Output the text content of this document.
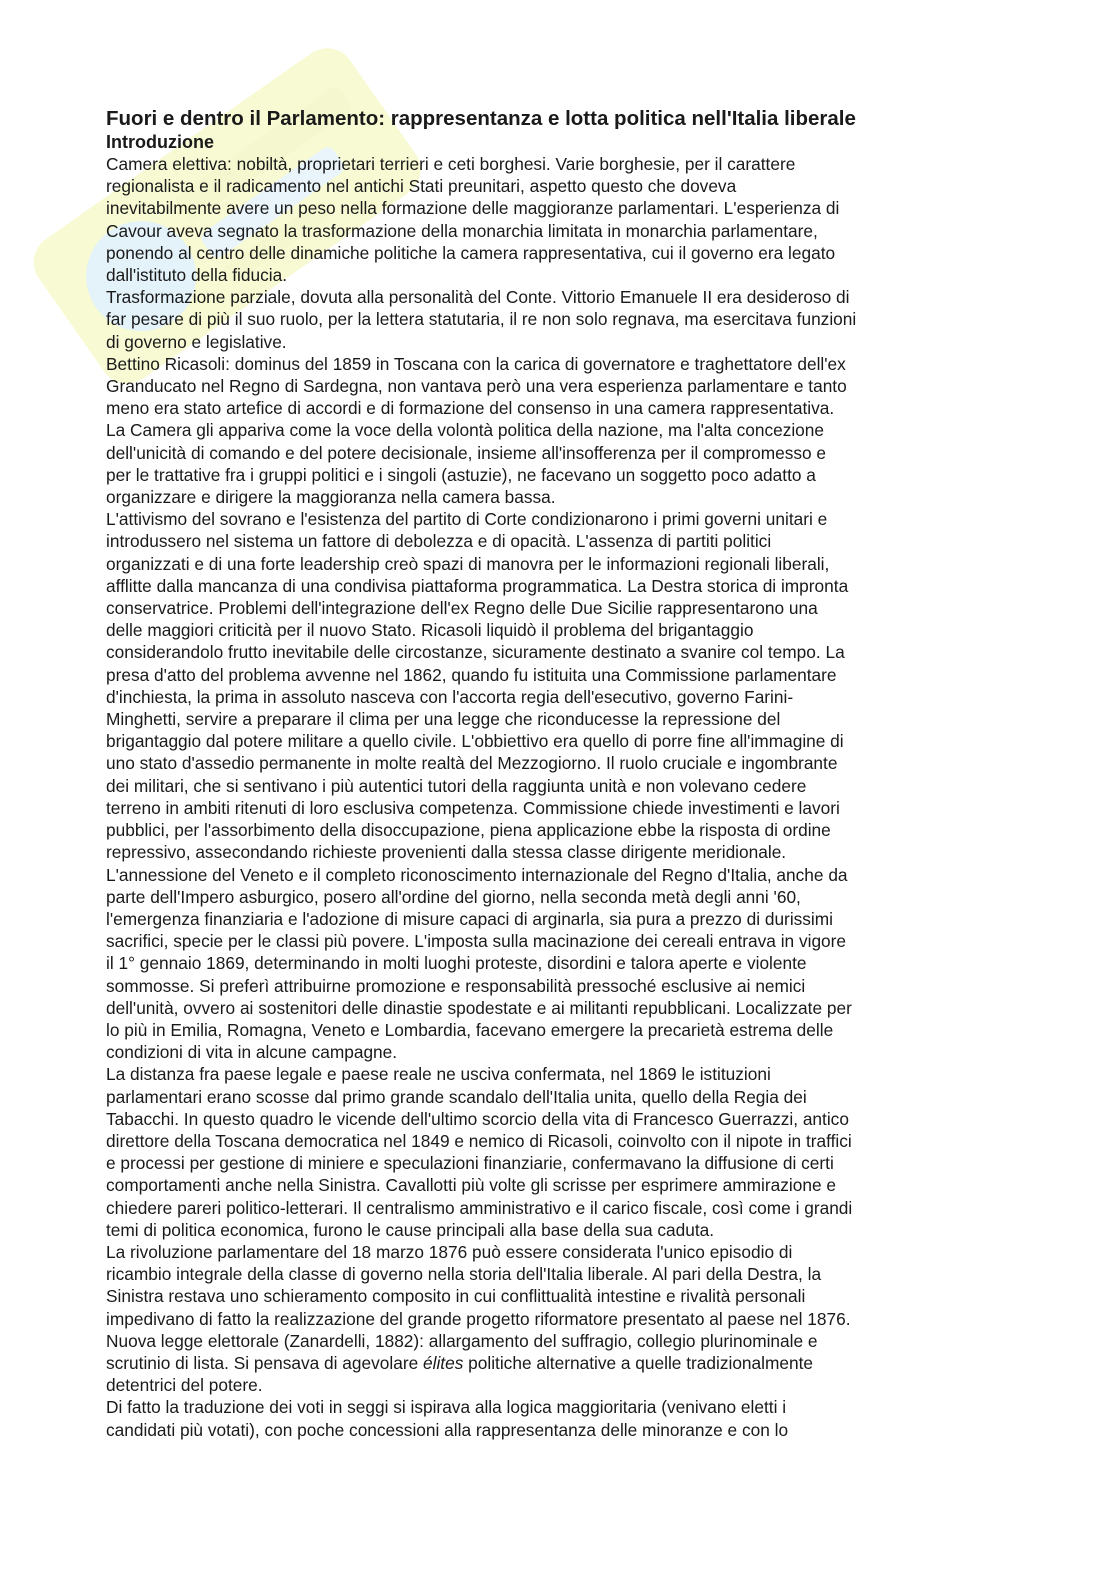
Fuori e dentro il Parlamento: rappresentanza e lotta politica nell'Italia liberale
Introduzione

Camera elettiva: nobiltà, proprietari terrieri e ceti borghesi. Varie borghesie, per il carattere
regionalista e il radicamento nel antichi Stati preunitari, aspetto questo che doveva
inevitabilmente avere un peso nella formazione delle maggioranze parlamentari. L'esperienza di
Cavour aveva segnato la trasformazione della monarchia limitata in monarchia parlamentare,
ponendo al centro delle dinamiche politiche la camera rappresentativa, cui il governo era legato
dall'istituto della fiducia.

Trasformazione parziale, dovuta alla personalità del Conte. Vittorio Emanuele II era desideroso di
far pesare di più il suo ruolo, per la lettera statutaria, il re non solo regnava, ma esercitava funzioni
di governo e legislative.

Bettino Ricasoli: dominus del 1859 in Toscana con la carica di governatore e traghettatore dell'ex
Granducato nel Regno di Sardegna, non vantava però una vera esperienza parlamentare e tanto
meno era stato artefice di accordi e di formazione del consenso in una camera rappresentativa.
La Camera gli appariva come la voce della volontà politica della nazione, ma l'alta concezione
dell'unicità di comando e del potere decisionale, insieme all'insofferenza per il compromesso e
per le trattative fra i gruppi politici e i singoli (astuzie), ne facevano un soggetto poco adatto a
organizzare e dirigere la maggioranza nella camera bassa.

L'attivismo del sovrano e l'esistenza del partito di Corte condizionarono i primi governi unitari e
introdussero nel sistema un fattore di debolezza e di opacità. L'assenza di partiti politici
organizzati e di una forte leadership creò spazi di manovra per le informazioni regionali liberali,
afflitte dalla mancanza di una condivisa piattaforma programmatica. La Destra storica di impronta
conservatrice. Problemi dell'integrazione dell'ex Regno delle Due Sicilie rappresentarono una
delle maggiori criticità per il nuovo Stato. Ricasoli liquidò il problema del brigantaggio
considerandolo frutto inevitabile delle circostanze, sicuramente destinato a svanire col tempo. La
presa d'atto del problema avvenne nel 1862, quando fu istituita una Commissione parlamentare
d'inchiesta, la prima in assoluto nasceva con l'accorta regia dell'esecutivo, governo Farini-
Minghetti, servire a preparare il clima per una legge che riconducesse la repressione del
brigantaggio dal potere militare a quello civile. L'obbiettivo era quello di porre fine all'immagine di
uno stato d'assedio permanente in molte realtà del Mezzogiorno. Il ruolo cruciale e ingombrante
dei militari, che si sentivano i più autentici tutori della raggiunta unità e non volevano cedere
terreno in ambiti ritenuti di loro esclusiva competenza. Commissione chiede investimenti e lavori
pubblici, per l'assorbimento della disoccupazione, piena applicazione ebbe la risposta di ordine
repressivo, assecondando richieste provenienti dalla stessa classe dirigente meridionale.

L'annessione del Veneto e il completo riconoscimento internazionale del Regno d'Italia, anche da
parte dell'Impero asburgico, posero all'ordine del giorno, nella seconda metà degli anni '60,
l'emergenza finanziaria e l'adozione di misure capaci di arginarla, sia pura a prezzo di durissimi
sacrifici, specie per le classi più povere. L'imposta sulla macinazione dei cereali entrava in vigore
il 1° gennaio 1869, determinando in molti luoghi proteste, disordini e talora aperte e violente
sommosse. Si preferì attribuirne promozione e responsabilità pressoché esclusive ai nemici
dell'unità, ovvero ai sostenitori delle dinastie spodestate e ai militanti repubblicani. Localizzate per
lo più in Emilia, Romagna, Veneto e Lombardia, facevano emergere la precarietà estrema delle
condizioni di vita in alcune campagne.

La distanza fra paese legale e paese reale ne usciva confermata, nel 1869 le istituzioni
parlamentari erano scosse dal primo grande scandalo dell'Italia unita, quello della Regia dei
Tabacchi. In questo quadro le vicende dell'ultimo scorcio della vita di Francesco Guerrazzi, antico
direttore della Toscana democratica nel 1849 e nemico di Ricasoli, coinvolto con il nipote in traffici
e processi per gestione di miniere e speculazioni finanziarie, confermavano la diffusione di certi
comportamenti anche nella Sinistra. Cavallotti più volte gli scrisse per esprimere ammirazione e
chiedere pareri politico-letterari. Il centralismo amministrativo e il carico fiscale, così come i grandi
temi di politica economica, furono le cause principali alla base della sua caduta.

La rivoluzione parlamentare del 18 marzo 1876 può essere considerata l'unico episodio di
ricambio integrale della classe di governo nella storia dell'Italia liberale. Al pari della Destra, la
Sinistra restava uno schieramento composito in cui conflittualità intestine e rivalità personali
impedivano di fatto la realizzazione del grande progetto riformatore presentato al paese nel 1876.
Nuova legge elettorale (Zanardelli, 1882): allargamento del suffragio, collegio plurinominale e
scrutinio di lista. Si pensava di agevolare élites politiche alternative a quelle tradizionalmente
detentrici del potere.

Di fatto la traduzione dei voti in seggi si ispirava alla logica maggioritaria (venivano eletti i
candidati più votati), con poche concessioni alla rappresentanza delle minoranze e con lo
